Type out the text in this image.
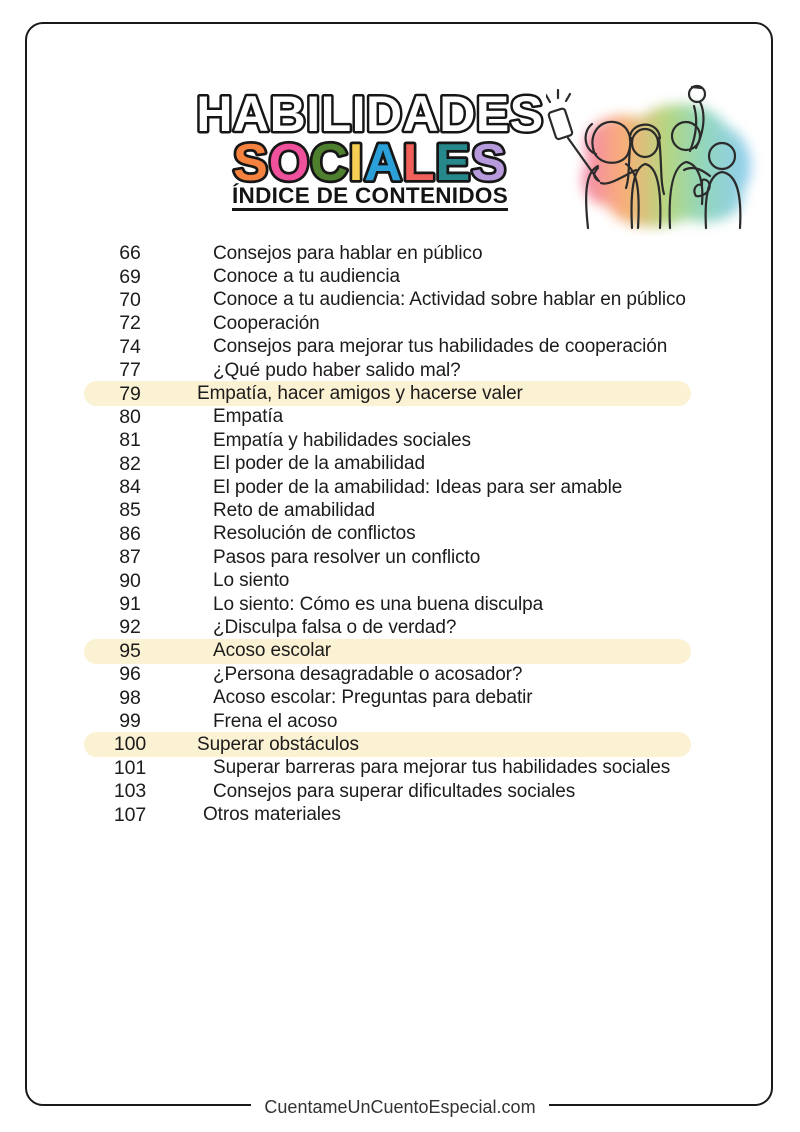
HABILIDADES
SOCIALES
ÍNDICE DE CONTENIDOS
66	Consejos para hablar en público
69	Conoce a tu audiencia
70	Conoce a tu audiencia: Actividad sobre hablar en público
72	Cooperación
74	Consejos para mejorar tus habilidades de cooperación
77	¿Qué pudo haber salido mal?
79	Empatía, hacer amigos y hacerse valer
80	Empatía
81	Empatía y habilidades sociales
82	El poder de la amabilidad
84	El poder de la amabilidad: Ideas para ser amable
85	Reto de amabilidad
86	Resolución de conflictos
87	Pasos para resolver un conflicto
90	Lo siento
91	Lo siento: Cómo es una buena disculpa
92	¿Disculpa falsa o de verdad?
95	Acoso escolar
96	¿Persona desagradable o acosador?
98	Acoso escolar: Preguntas para debatir
99	Frena el acoso
100	Superar obstáculos
101	Superar barreras para mejorar tus habilidades sociales
103	Consejos para superar dificultades sociales
107	Otros materiales
CuentameUnCuentoEspecial.com
